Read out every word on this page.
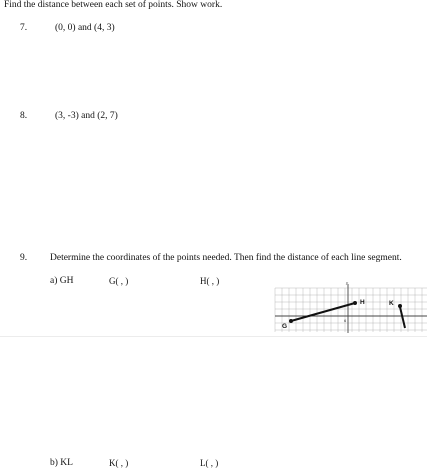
Find the distance between each set of points. Show work.
7.	(0, 0) and (4, 3)
8.	(3, -3) and (2, 7)
9. Determine the coordinates of the points needed. Then find the distance of each line segment.
a) GH	G( , )	H( , )	y
6
G
H	K
b) KL	K( , )	L( , )
